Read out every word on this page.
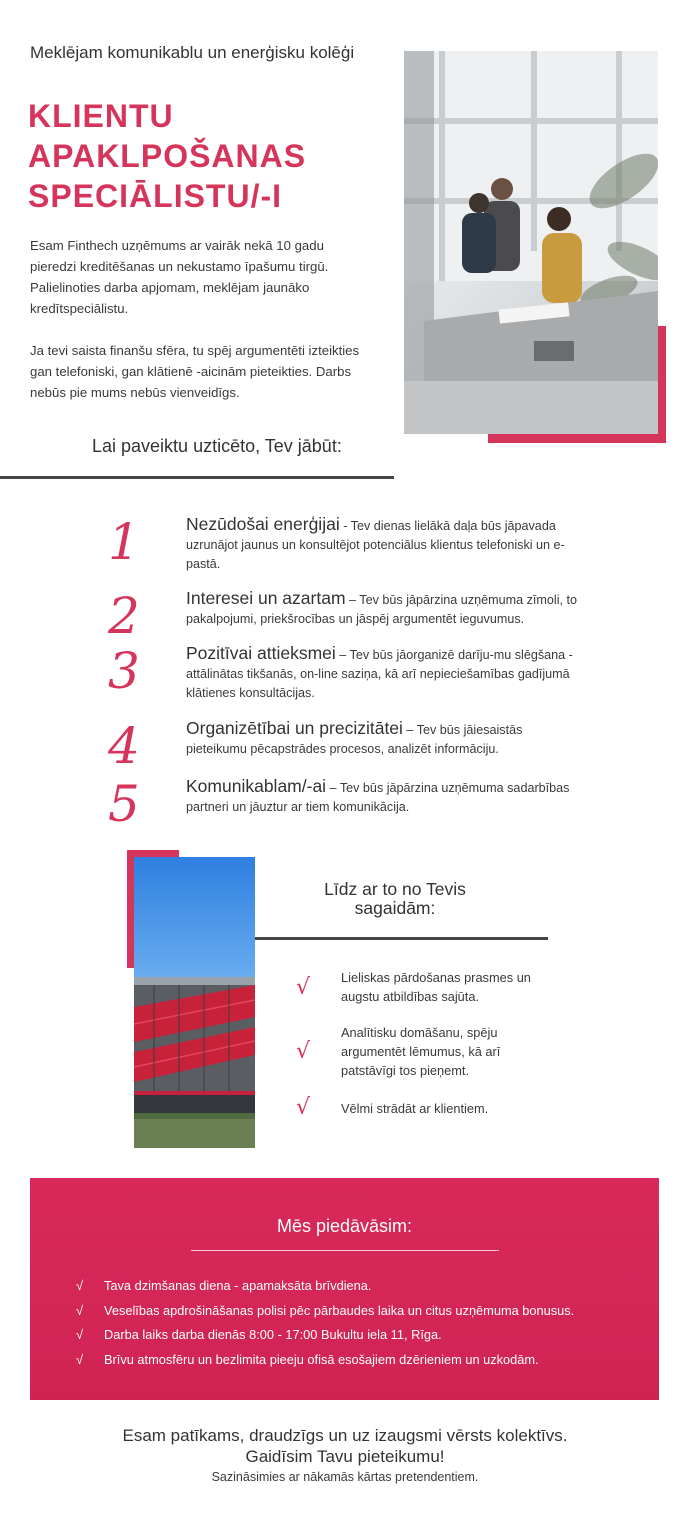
Meklējam komunikablu un enerģisku kolēģi
KLIENTU APAKLPOŠANAS SPECIĀLISTU/-I

Esam Finthech uzņēmums ar vairāk nekā 10 gadu pieredzi kreditēšanas un nekustamo īpašumu tirgū. Palielinoties darba apjomam, meklējam jaunāko kredītspeciālistu.

Ja tevi saista finanšu sfēra, tu spēj argumentēti izteikties gan telefoniski, gan klātienē -aicinām pieteikties. Darbs nebūs pie mums nebūs vienveidīgs.

Lai paveiktu uzticēto, Tev jābūt:
1	Nezūdošai enerģijai - Tev dienas lielākā daļa būs jāpavada uzrunājot jaunus un konsultējot potenciālus klientus telefoniski un e-pastā.

2	Interesei un azartam – Tev būs jāpārzina uzņēmuma zīmoli, to pakalpojumi, priekšrocības un jāspēj argumentēt ieguvumus.

3	Pozitīvai attieksmei – Tev būs jāorganizē darīju-mu slēgšana -attālinātas tikšanās, on-line saziņa, kā arī nepieciešamības gadījumā klātienes konsultācijas.

4	Organizētībai un precizitātei – Tev būs jāiesaistās pieteikumu pēcapstrādes procesos, analizēt informāciju.

5	Komunikablam/-ai – Tev būs jāpārzina uzņēmuma sadarbības partneri un jāuztur ar tiem komunikācija.

Līdz ar to no Tevis sagaidām:
√ Lieliskas pārdošanas prasmes un augstu atbildības sajūta.

√

Analītisku domāšanu, spēju argumentēt lēmumus, kā arī patstāvīgi tos pieņemt.

√ Vēlmi strādāt ar klientiem.

Mēs piedāvāsim:
√ Tava dzimšanas diena - apamaksāta brīvdiena.
√ Veselības apdrošināšanas polisi pēc pārbaudes laika un citus uzņēmuma bonusus.
√ Darba laiks darba dienās 8:00 - 17:00 Bukultu iela 11, Rīga.
√ Brīvu atmosfēru un bezlimita pieeju ofisā esošajiem dzērieniem un uzkodām.
Esam patīkams, draudzīgs un uz izaugsmi vērsts kolektīvs.
Gaidīsim Tavu pieteikumu!
Sazināsimies ar nākamās kārtas pretendentiem.
